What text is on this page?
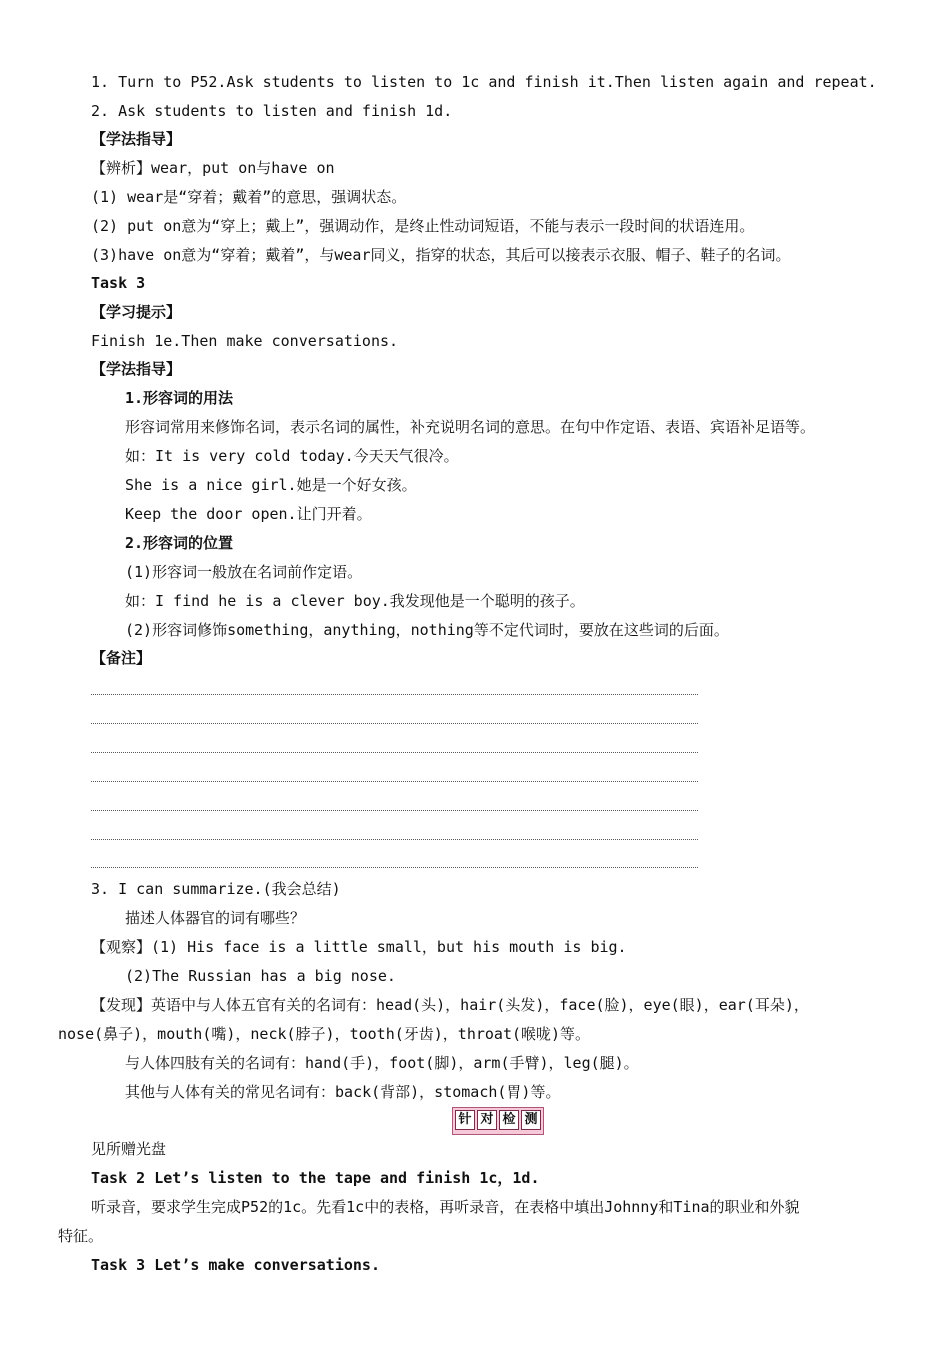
1. Turn to P52.Ask students to listen to 1c and finish it.Then listen again and repeat.
2. Ask students to listen and finish 1d.
【学法指导】
【辨析】wear，put on与have on
(1) wear是“穿着；戴着”的意思，强调状态。
(2) put on意为“穿上；戴上”，强调动作，是终止性动词短语，不能与表示一段时间的状语连用。
(3)have on意为“穿着；戴着”，与wear同义，指穿的状态，其后可以接表示衣服、帽子、鞋子的名词。
Task 3
【学习提示】
Finish 1e.Then make conversations.
【学法指导】
1.形容词的用法
形容词常用来修饰名词，表示名词的属性，补充说明名词的意思。在句中作定语、表语、宾语补足语等。
如：It is very cold today.今天天气很冷。
She is a nice girl.她是一个好女孩。
Keep the door open.让门开着。
2.形容词的位置
(1)形容词一般放在名词前作定语。
如：I find he is a clever boy.我发现他是一个聪明的孩子。
(2)形容词修饰something，anything，nothing等不定代词时，要放在这些词的后面。
【备注】
3. I can summarize.(我会总结)
描述人体器官的词有哪些？
【观察】(1) His face is a little small，but his mouth is big.
(2)The Russian has a big nose.
【发现】英语中与人体五官有关的名词有：head(头)，hair(头发)，face(脸)，eye(眼)，ear(耳朵)，
nose(鼻子)，mouth(嘴)，neck(脖子)，tooth(牙齿)，throat(喉咙)等。
与人体四肢有关的名词有：hand(手)，foot(脚)，arm(手臂)，leg(腿)。
其他与人体有关的常见名词有：back(背部)，stomach(胃)等。
针 对 检 测
见所赠光盘
Task 2 Let’s listen to the tape and finish 1c，1d.
听录音，要求学生完成P52的1c。先看1c中的表格，再听录音，在表格中填出Johnny和Tina的职业和外貌
特征。
Task 3 Let’s make conversations.
